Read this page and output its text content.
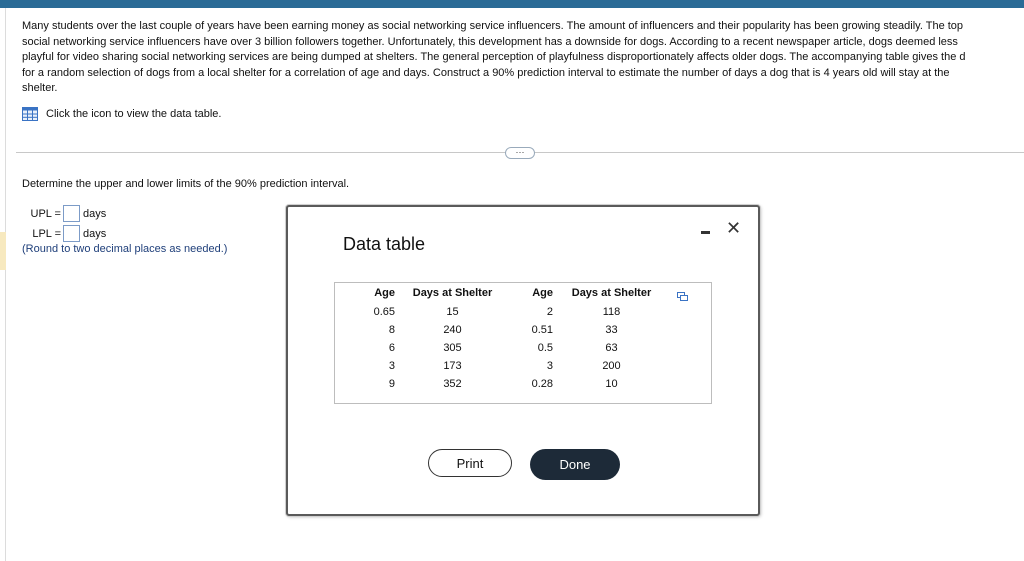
Many students over the last couple of years have been earning money as social networking service influencers. The amount of influencers and their popularity has been growing steadily. The top
social networking service influencers have over 3 billion followers together. Unfortunately, this development has a downside for dogs. According to a recent newspaper article, dogs deemed less
playful for video sharing social networking services are being dumped at shelters. The general perception of playfulness disproportionately affects older dogs. The accompanying table gives the d
for a random selection of dogs from a local shelter for a correlation of age and days. Construct a 90% prediction interval to estimate the number of days a dog that is 4 years old will stay at the
shelter.
Click the icon to view the data table.
···
Determine the upper and lower limits of the 90% prediction interval.
UPL = days
LPL = days
(Round to two decimal places as needed.)	Data table
✕
Age	Days at Shelter	Age	Days at Shelter
0.65	15	2	118
8	240	0.51	33
6	305	0.5	63
3	173	3	200
9	352	0.28	10
Print	Done
